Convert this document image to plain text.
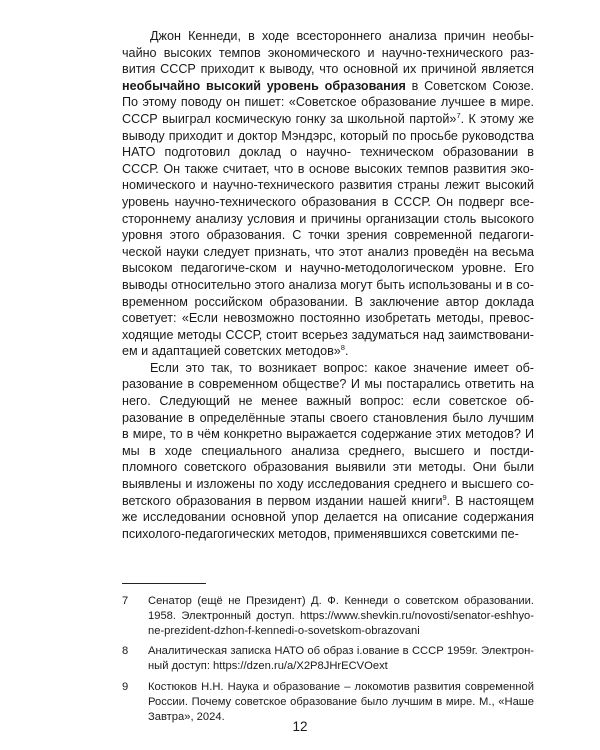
Джон Кеннеди, в ходе всестороннего анализа причин необычайно высоких темпов экономического и научно-технического развития СССР приходит к выводу, что основной их причиной является необычайно высокий уровень образования в Советском Союзе. По этому поводу он пишет: «Советское образование лучшее в мире. СССР выиграл космическую гонку за школьной партой»$^7$. К этому же выводу приходит и доктор Мэндэрс, который по просьбе руководства НАТО подготовил доклад о научно- техническом образовании в СССР. Он также считает, что в основе высоких темпов развития экономического и научно-технического развития страны лежит высокий уровень научно-технического образования в СССР. Он подверг всестороннему анализу условия и причины организации столь высокого уровня этого образования. С точки зрения современной педагогической науки следует признать, что этот анализ проведён на весьма высоком педагогиче-ском и научно-методологическом уровне. Его выводы относительно этого анализа могут быть использованы и в современном российском образовании. В заключение автор доклада советует: «Если невозможно постоянно изобретать методы, превосходящие методы СССР, стоит всерьез задуматься над заимствованием и адаптацией советских методов»$^8$.

Если это так, то возникает вопрос: какое значение имеет образование в современном обществе? И мы постарались ответить на него. Следующий не менее важный вопрос: если советское образование в определённые этапы своего становления было лучшим в мире, то в чём конкретно выражается содержание этих методов? И мы в ходе специального анализа среднего, высшего и постдипломного советского образования выявили эти методы. Они были выявлены и изложены по ходу исследования среднего и высшего советского образования в первом издании нашей книги$^9$. В настоящем же исследовании основной упор делается на описание содержания психолого-педагогических методов, применявшихся советскими пе-

7	Сенатор (ещё не Президент) Д. Ф. Кеннеди о советском образовании. 1958. Электронный доступ. https://www.shevkin.ru/novosti/senator-eshhyo-ne-prezident-dzhon-f-kennedi-o-sovetskom-obrazovani
8	Аналитическая записка НАТО об образ i.ование в СССР 1959г. Электронный доступ: https://dzen.ru/a/X2P8JHrECVOext
9	Костюков Н.Н. Наука и образование – локомотив развития современной России. Почему советское образование было лучшим в мире. М., «Наше Завтра», 2024.
12
